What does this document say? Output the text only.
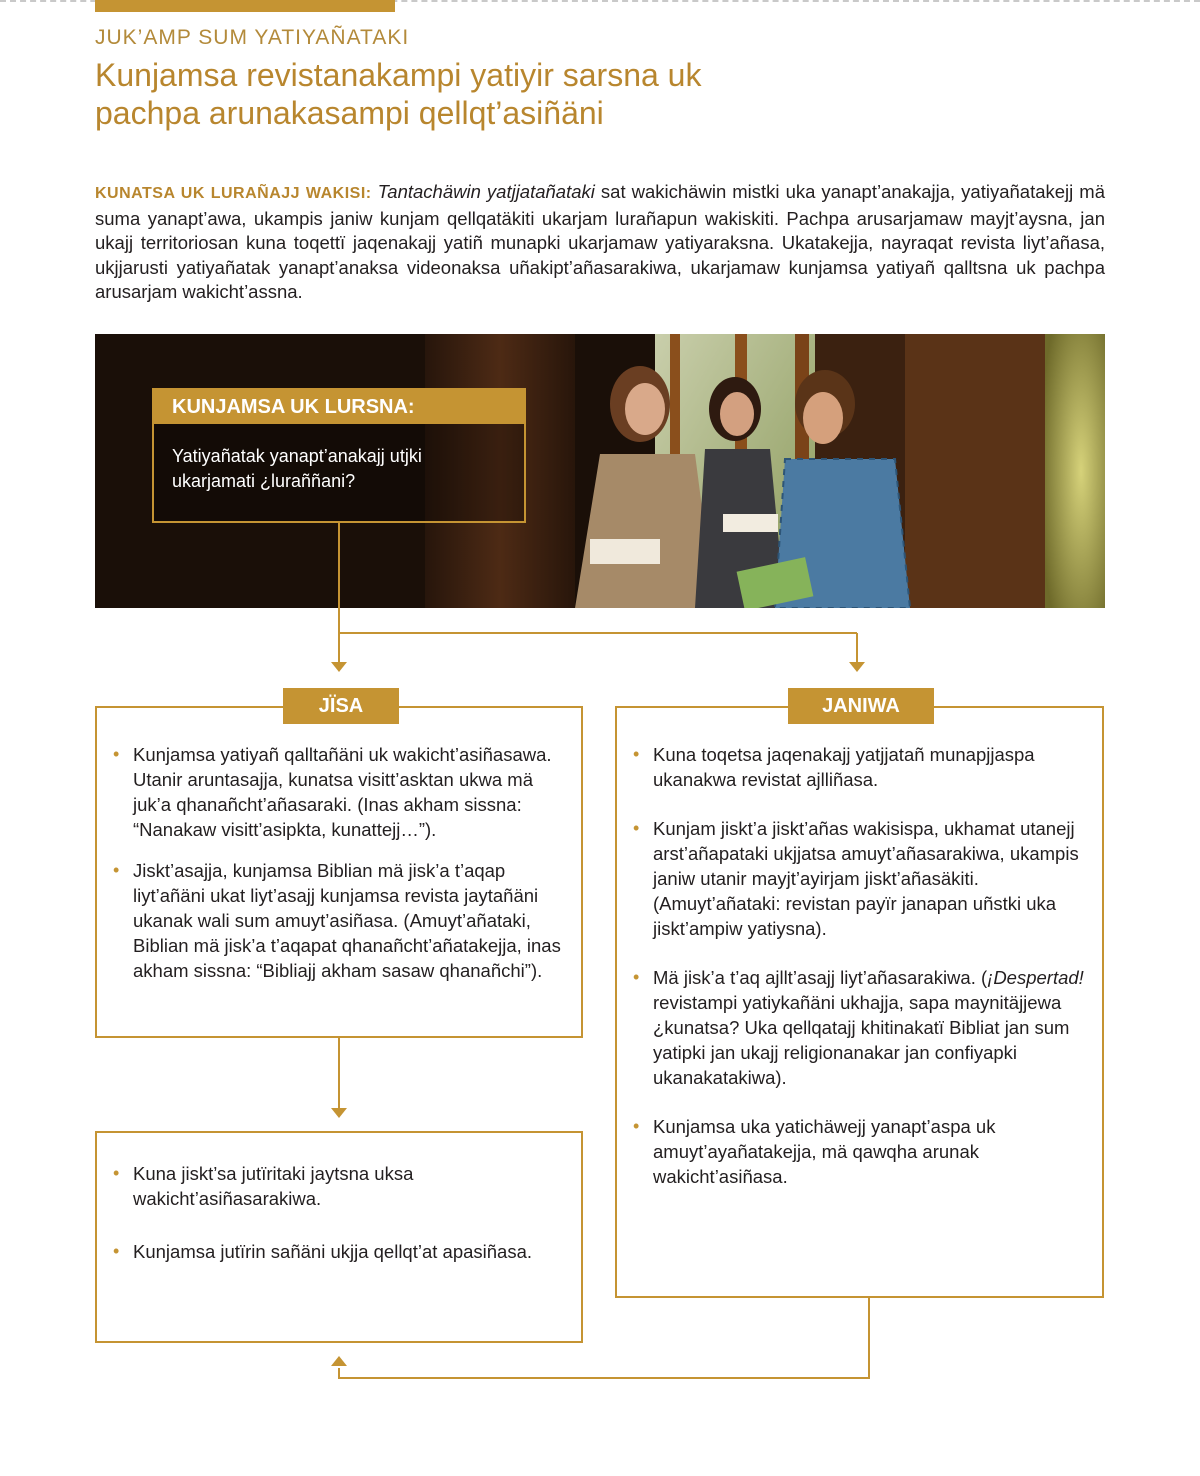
JUK’AMP SUM YATIYAÑATAKI
Kunjamsa revistanakampi yatiyir sarsna uk
pachpa arunakasampi qellqt’asiñäni
KUNATSA UK LURAÑAJJ WAKISI: Tantachäwin yatjjatañataki sat wakichäwin mistki uka yanapt’anakajja, yatiyañatakejj mä suma yanapt’awa, ukampis janiw kunjam qellqatäkiti ukarjam lurañapun wakiskiti. Pachpa arusarjamaw mayjt’aysna, jan ukajj territoriosan kuna toqettï jaqenakajj yatiñ munapki ukarjamaw yatiyaraksna. Ukatakejja, nayraqat revista liyt’añasa, ukjjarusti yatiyañatak yanapt’anaksa videonaksa uñakipt’añasarakiwa, ukarjamaw kunjamsa yatiyañ qalltsna uk pachpa arusarjam wakicht’assna.
KUNJAMSA UK LURSNA:
Yatiyañatak yanapt’anakajj utjki
ukarjamati ¿luraññani?
JÏSA
• Kunjamsa yatiyañ qalltañäni uk wakicht’asiñasawa. Utanir aruntasajja, kunatsa visitt’asktan ukwa mä juk’a qhanañcht’añasaraki. (Inas akham sissna: “Nanakaw visitt’asipkta, kunattejj…”).
• Jiskt’asajja, kunjamsa Biblian mä jisk’a t’aqap liyt’añäni ukat liyt’asajj kunjamsa revista jaytañäni ukanak wali sum amuyt’asiñasa. (Amuyt’añataki, Biblian mä jisk’a t’aqapat qhanañcht’añatakejja, inas akham sissna: “Bibliajj akham sasaw qhanañchi”).
• Kuna jiskt’sa jutïritaki jaytsna uksa wakicht’asiñasarakiwa.
• Kunjamsa jutïrin sañäni ukjja qellqt’at apasiñasa.
JANIWA
• Kuna toqetsa jaqenakajj yatjjatañ munapjjaspa ukanakwa revistat ajlliñasa.
• Kunjam jiskt’a jiskt’añas wakisispa, ukhamat utanejj arst’añapataki ukjjatsa amuyt’añasarakiwa, ukampis janiw utanir mayjt’ayirjam jiskt’añasäkiti. (Amuyt’añataki: revistan payïr janapan uñstki uka jiskt’ampiw yatiysna).
• Mä jisk’a t’aq ajllt’asajj liyt’añasarakiwa. (¡Despertad! revistampi yatiykañäni ukhajja, sapa maynitäjjewa ¿kunatsa? Uka qellqatajj khitinakatï Bibliat jan sum yatipki jan ukajj religionanakar jan confiyapki ukanakatakiwa).
• Kunjamsa uka yatichäwejj yanapt’aspa uk amuyt’ayañatakejja, mä qawqha arunak wakicht’asiñasa.
